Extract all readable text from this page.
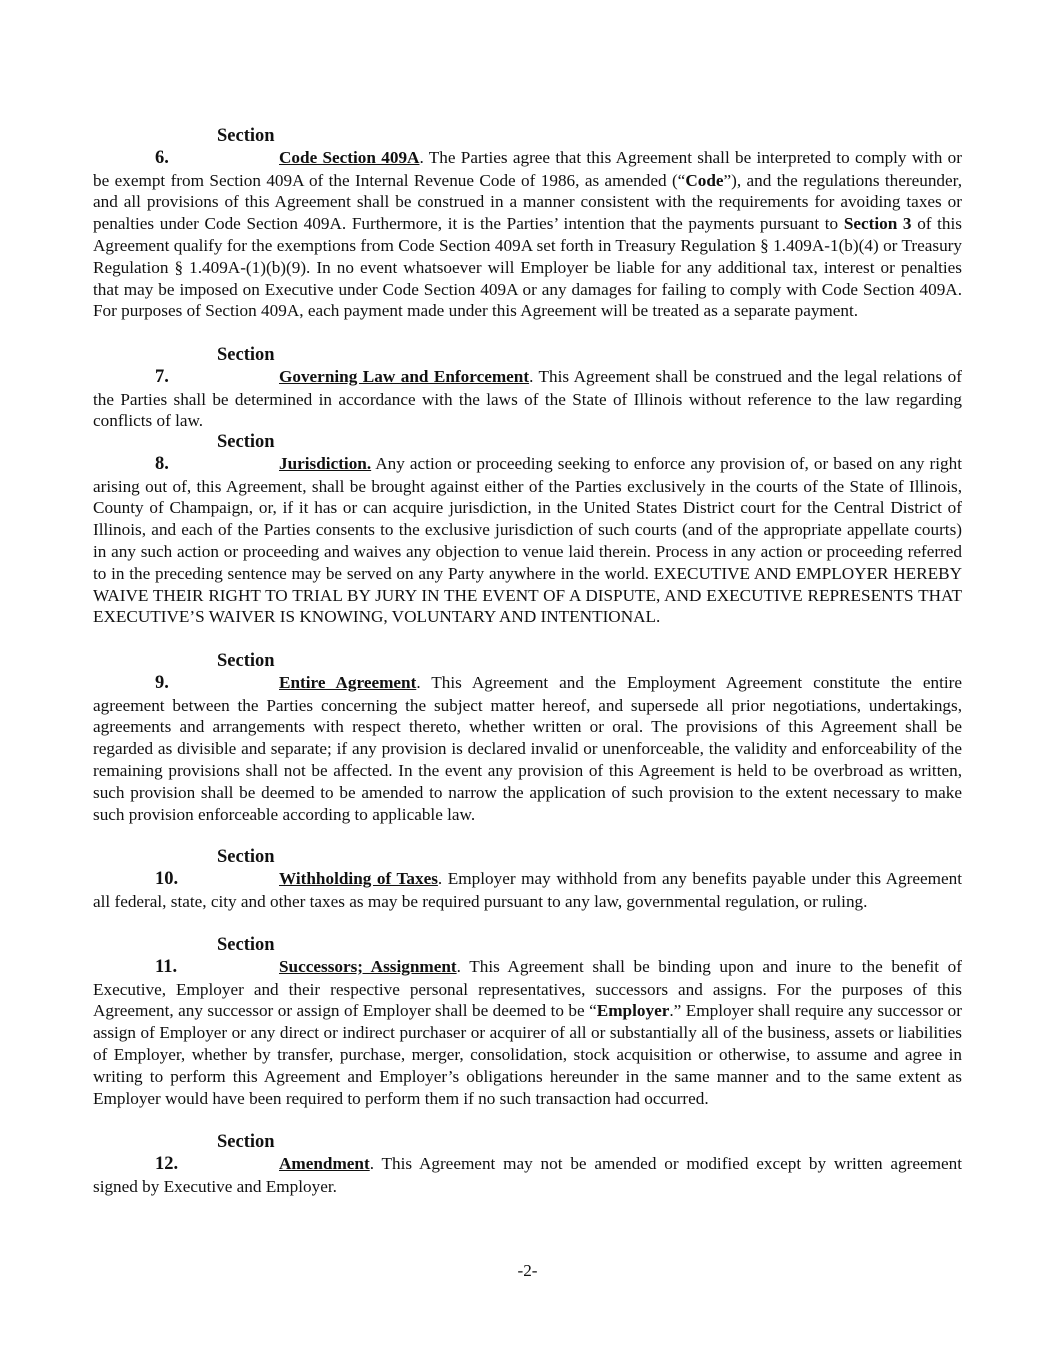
Section 6.	Code Section 409A. The Parties agree that this Agreement shall be interpreted to comply with or be exempt from Section 409A of the Internal Revenue Code of 1986, as amended (“Code”), and the regulations thereunder, and all provisions of this Agreement shall be construed in a manner consistent with the requirements for avoiding taxes or penalties under Code Section 409A. Furthermore, it is the Parties’ intention that the payments pursuant to Section 3 of this Agreement qualify for the exemptions from Code Section 409A set forth in Treasury Regulation § 1.409A-1(b)(4) or Treasury Regulation § 1.409A-(1)(b)(9). In no event whatsoever will Employer be liable for any additional tax, interest or penalties that may be imposed on Executive under Code Section 409A or any damages for failing to comply with Code Section 409A. For purposes of Section 409A, each payment made under this Agreement will be treated as a separate payment.

Section 7.	Governing Law and Enforcement. This Agreement shall be construed and the legal relations of the Parties shall be determined in accordance with the laws of the State of Illinois without reference to the law regarding conflicts of law.

Section 8.	Jurisdiction. Any action or proceeding seeking to enforce any provision of, or based on any right arising out of, this Agreement, shall be brought against either of the Parties exclusively in the courts of the State of Illinois, County of Champaign, or, if it has or can acquire jurisdiction, in the United States District court for the Central District of Illinois, and each of the Parties consents to the exclusive jurisdiction of such courts (and of the appropriate appellate courts) in any such action or proceeding and waives any objection to venue laid therein. Process in any action or proceeding referred to in the preceding sentence may be served on any Party anywhere in the world. EXECUTIVE AND EMPLOYER HEREBY WAIVE THEIR RIGHT TO TRIAL BY JURY IN THE EVENT OF A DISPUTE, AND EXECUTIVE REPRESENTS THAT EXECUTIVE’S WAIVER IS KNOWING, VOLUNTARY AND INTENTIONAL.

Section 9.	Entire Agreement. This Agreement and the Employment Agreement constitute the entire agreement between the Parties concerning the subject matter hereof, and supersede all prior negotiations, undertakings, agreements and arrangements with respect thereto, whether written or oral. The provisions of this Agreement shall be regarded as divisible and separate; if any provision is declared invalid or unenforceable, the validity and enforceability of the remaining provisions shall not be affected. In the event any provision of this Agreement is held to be overbroad as written, such provision shall be deemed to be amended to narrow the application of such provision to the extent necessary to make such provision enforceable according to applicable law.

Section 10.	Withholding of Taxes. Employer may withhold from any benefits payable under this Agreement all federal, state, city and other taxes as may be required pursuant to any law, governmental regulation, or ruling.

Section 11.	Successors; Assignment. This Agreement shall be binding upon and inure to the benefit of Executive, Employer and their respective personal representatives, successors and assigns. For the purposes of this Agreement, any successor or assign of Employer shall be deemed to be “Employer.” Employer shall require any successor or assign of Employer or any direct or indirect purchaser or acquirer of all or substantially all of the business, assets or liabilities of Employer, whether by transfer, purchase, merger, consolidation, stock acquisition or otherwise, to assume and agree in writing to perform this Agreement and Employer’s obligations hereunder in the same manner and to the same extent as Employer would have been required to perform them if no such transaction had occurred.

Section 12.	Amendment. This Agreement may not be amended or modified except by written agreement signed by Executive and Employer.

-2-
